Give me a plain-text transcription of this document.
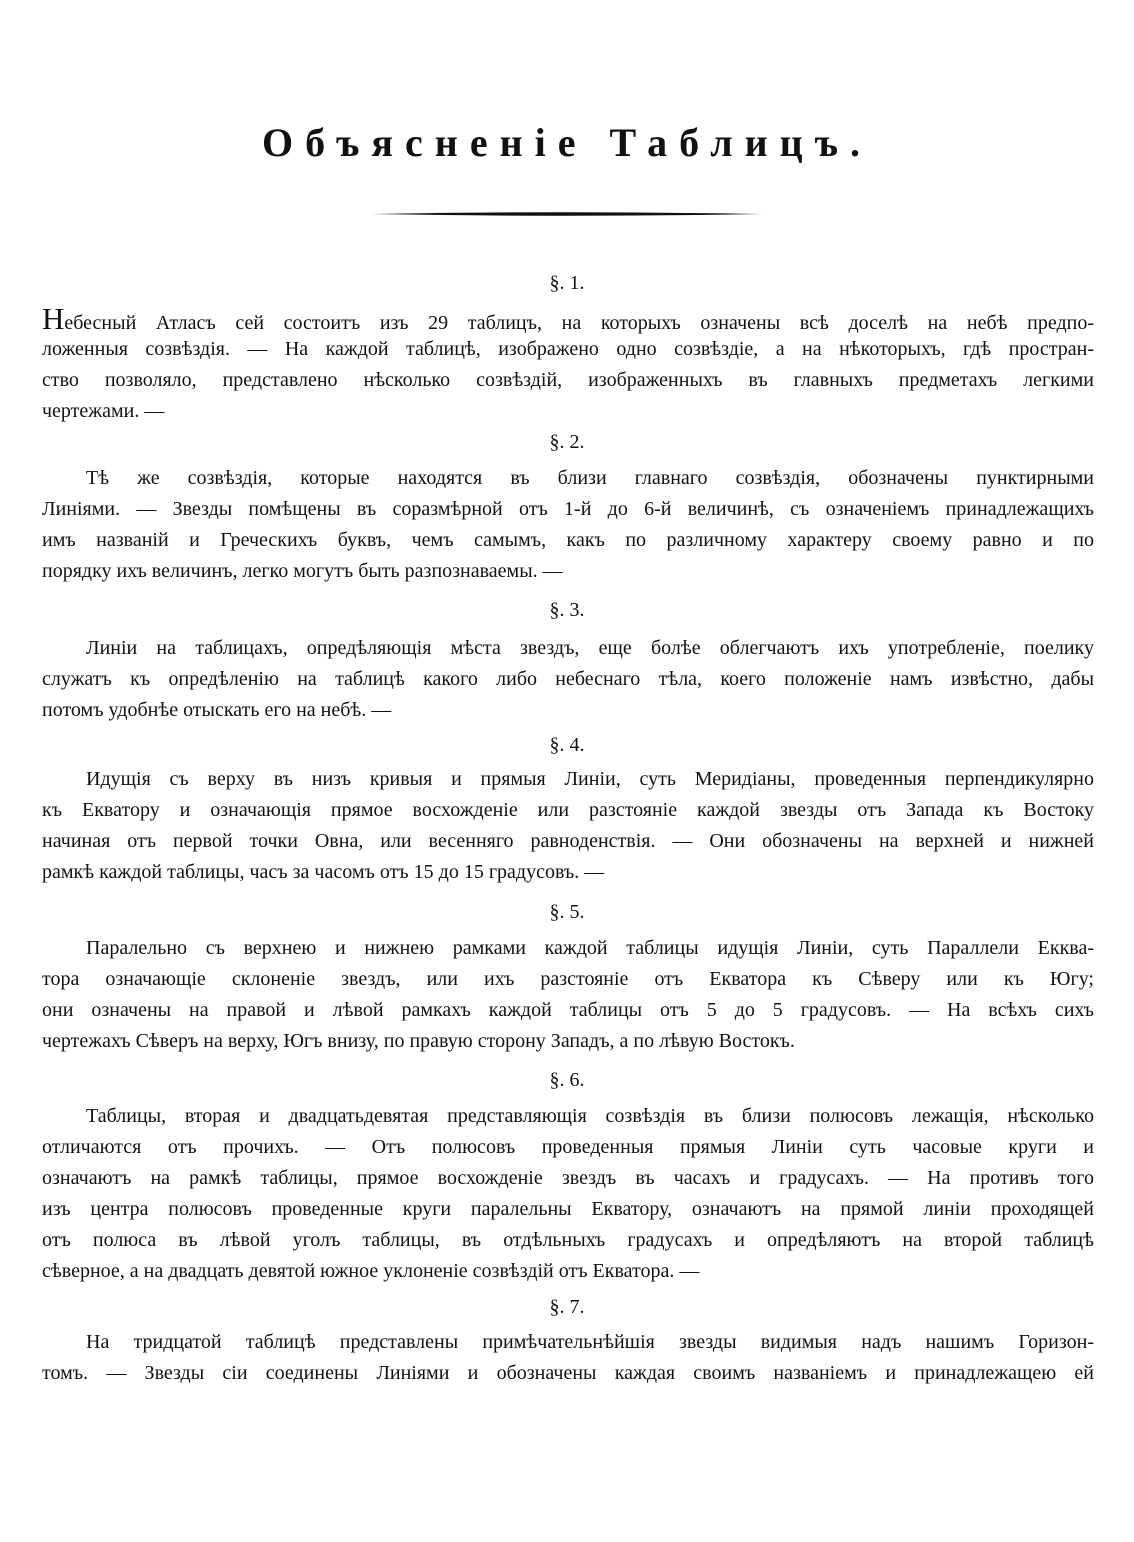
Объясненіе Таблицъ.
§. 1.
Небесный Атласъ сей состоитъ изъ 29 таблицъ, на которыхъ означены всѣ доселѣ на небѣ предпо-
ложенныя созвѣздія. — На каждой таблицѣ, изображено одно созвѣздіе, а на нѣкоторыхъ, гдѣ простран-
ство позволяло, представлено нѣсколько созвѣздій, изображенныхъ въ главныхъ предметахъ легкими
чертежами. —
§. 2.
Тѣ же созвѣздія, которые находятся въ близи главнаго созвѣздія, обозначены пунктирными
Линіями. — Звезды помѣщены въ соразмѣрной отъ 1-й до 6-й величинѣ, съ означеніемъ принадлежащихъ
имъ названій и Греческихъ буквъ, чемъ самымъ, какъ по различному характеру своему равно и по
порядку ихъ величинъ, легко могутъ быть разпознаваемы. —
§. 3.
Линіи на таблицахъ, опредѣляющія мѣста звездъ, еще болѣе облегчаютъ ихъ употребленіе, поелику
служатъ къ опредѣленію на таблицѣ какого либо небеснаго тѣла, коего положеніе намъ извѣстно, дабы
потомъ удобнѣе отыскать его на небѣ. —
§. 4.
Идущія съ верху въ низъ кривыя и прямыя Линіи, суть Меридіаны, проведенныя перпендикулярно
къ Екватору и означающія прямое восхожденіе или разстояніе каждой звезды отъ Запада къ Востоку
начиная отъ первой точки Овна, или весенняго равноденствія. — Они обозначены на верхней и нижней
рамкѣ каждой таблицы, часъ за часомъ отъ 15 до 15 градусовъ. —
§. 5.
Паралельно съ верхнею и нижнею рамками каждой таблицы идущія Линіи, суть Параллели Екква-
тора означающіе склоненіе звездъ, или ихъ разстояніе отъ Екватора къ Сѣверу или къ Югу;
они означены на правой и лѣвой рамкахъ каждой таблицы отъ 5 до 5 градусовъ. — На всѣхъ сихъ
чертежахъ Сѣверъ на верху, Югъ внизу, по правую сторону Западъ, а по лѣвую Востокъ.
§. 6.
Таблицы, вторая и двадцатьдевятая представляющія созвѣздія въ близи полюсовъ лежащія, нѣсколько
отличаются отъ прочихъ. — Отъ полюсовъ проведенныя прямыя Линіи суть часовые круги и
означаютъ на рамкѣ таблицы, прямое восхожденіе звездъ въ часахъ и градусахъ. — На противъ того
изъ центра полюсовъ проведенные круги паралельны Екватору, означаютъ на прямой линіи проходящей
отъ полюса въ лѣвой уголъ таблицы, въ отдѣльныхъ градусахъ и опредѣляютъ на второй таблицѣ
сѣверное, а на двадцать девятой южное уклоненіе созвѣздій отъ Екватора. —
§. 7.
На тридцатой таблицѣ представлены примѣчательнѣйшія звезды видимыя надъ нашимъ Горизон-
томъ. — Звезды сіи соединены Линіями и обозначены каждая своимъ названіемъ и принадлежащею ей
